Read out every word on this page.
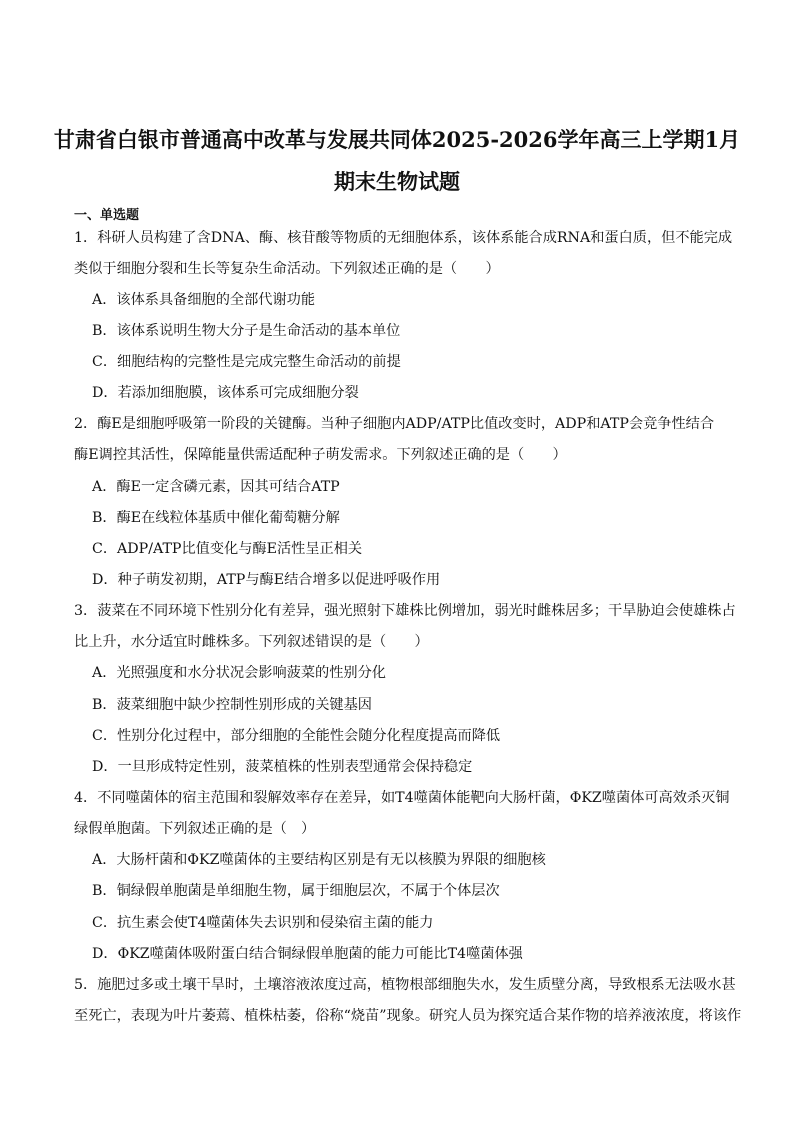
甘肃省白银市普通高中改革与发展共同体2025-2026学年高三上学期1月
期末生物试题
一、单选题
1．科研人员构建了含DNA、酶、核苷酸等物质的无细胞体系，该体系能合成RNA和蛋白质，但不能完成
类似于细胞分裂和生长等复杂生命活动。下列叙述正确的是（　　）
A．该体系具备细胞的全部代谢功能
B．该体系说明生物大分子是生命活动的基本单位
C．细胞结构的完整性是完成完整生命活动的前提
D．若添加细胞膜，该体系可完成细胞分裂
2．酶E是细胞呼吸第一阶段的关键酶。当种子细胞内ADP/ATP比值改变时，ADP和ATP会竞争性结合
酶E调控其活性，保障能量供需适配种子萌发需求。下列叙述正确的是（　　）
A．酶E一定含磷元素，因其可结合ATP
B．酶E在线粒体基质中催化葡萄糖分解
C．ADP/ATP比值变化与酶E活性呈正相关
D．种子萌发初期，ATP与酶E结合增多以促进呼吸作用
3．菠菜在不同环境下性别分化有差异，强光照射下雄株比例增加，弱光时雌株居多；干旱胁迫会使雄株占
比上升，水分适宜时雌株多。下列叙述错误的是（　　）
A．光照强度和水分状况会影响菠菜的性别分化
B．菠菜细胞中缺少控制性别形成的关键基因
C．性别分化过程中，部分细胞的全能性会随分化程度提高而降低
D．一旦形成特定性别，菠菜植株的性别表型通常会保持稳定
4．不同噬菌体的宿主范围和裂解效率存在差异，如T4噬菌体能靶向大肠杆菌，ΦKZ噬菌体可高效杀灭铜
绿假单胞菌。下列叙述正确的是（　）
A．大肠杆菌和ΦKZ噬菌体的主要结构区别是有无以核膜为界限的细胞核
B．铜绿假单胞菌是单细胞生物，属于细胞层次，不属于个体层次
C．抗生素会使T4噬菌体失去识别和侵染宿主菌的能力
D．ΦKZ噬菌体吸附蛋白结合铜绿假单胞菌的能力可能比T4噬菌体强
5．施肥过多或土壤干旱时，土壤溶液浓度过高，植物根部细胞失水，发生质壁分离，导致根系无法吸水甚
至死亡，表现为叶片萎蔫、植株枯萎，俗称“烧苗”现象。研究人员为探究适合某作物的培养液浓度，将该作
